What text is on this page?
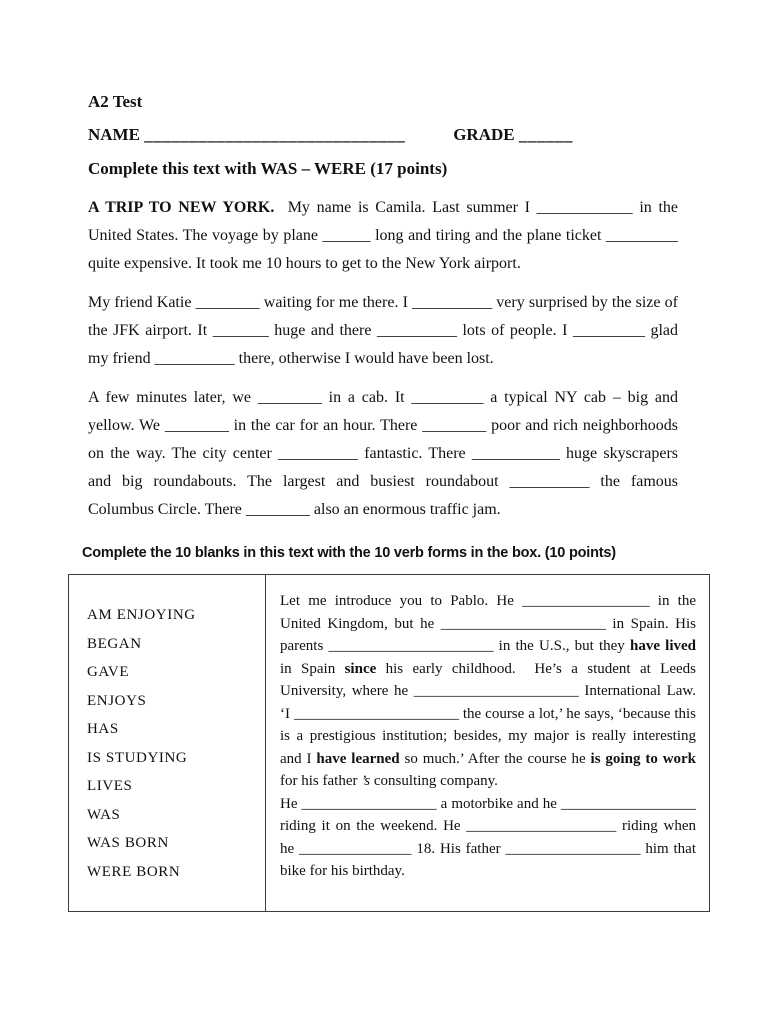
A2 Test
NAME _____________________________	GRADE ______
Complete this text with WAS – WERE (17 points)

A TRIP TO NEW YORK.  My name is Camila. Last summer I ____________ in the United States. The voyage by plane ______ long and tiring and the plane ticket _________ quite expensive. It took me 10 hours to get to the New York airport.

My friend Katie ________ waiting for me there. I __________ very surprised by the size of the JFK airport. It _______ huge and there __________ lots of people. I _________ glad my friend __________ there, otherwise I would have been lost.

A few minutes later, we ________ in a cab. It _________ a typical NY cab – big and yellow. We ________ in the car for an hour. There ________ poor and rich neighborhoods on the way. The city center __________ fantastic. There ___________ huge skyscrapers and big roundabouts. The largest and busiest roundabout __________ the famous Columbus Circle. There ________ also an enormous traffic jam.

Complete the 10 blanks in this text with the 10 verb forms in the box. (10 points)
AM ENJOYING
BEGAN
GAVE
ENJOYS
HAS
IS STUDYING
LIVES
WAS
WAS BORN
WERE BORN

Let me introduce you to Pablo. He _________________ in the United Kingdom, but he ______________________ in Spain. His parents ______________________ in the U.S., but they have lived in Spain since his early childhood.  He’s a student at Leeds University, where he ______________________ International Law. ‘I ______________________ the course a lot,’ he says, ‘because this is a prestigious institution; besides, my major is really interesting and I have learned so much.’ After the course he is going to work for his father ’s consulting company.

He __________________ a motorbike and he __________________ riding it on the weekend. He ____________________ riding when he _______________ 18. His father __________________ him that bike for his birthday.
